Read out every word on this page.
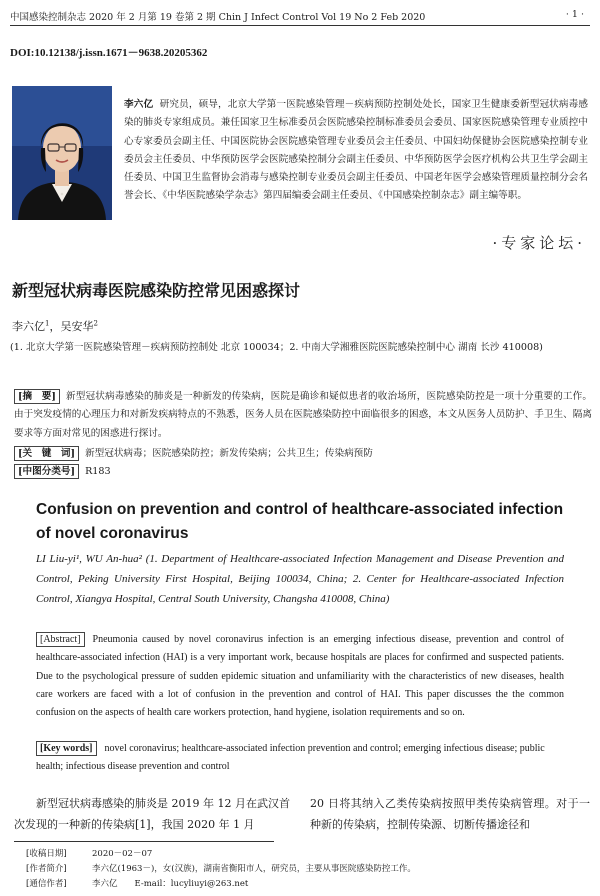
中国感染控制杂志 2020 年 2 月第 19 卷第 2 期 Chin J Infect Control Vol 19 No 2 Feb 2020	· 1 ·
DOI:10.12138/j.issn.1671－9638.20205362
李六亿 研究员，硕导，北京大学第一医院感染管理－疾病预防控制处处长，国家卫生健康委新型冠状病毒感染的肺炎专家组成员。兼任国家卫生标准委员会医院感染控制标准委员会委员、国家医院感染管理专业质控中心专家委员会副主任、中国医院协会医院感染管理专业委员会主任委员、中国妇幼保健协会医院感染控制专业委员会主任委员、中华预防医学会医院感染控制分会副主任委员、中华预防医学会医疗机构公共卫生学会副主任委员、中国卫生监督协会消毒与感染控制专业委员会副主任委员、中国老年医学会感染管理质量控制分会名誉会长、《中华医院感染学杂志》第四届编委会副主任委员、《中国感染控制杂志》副主编等职。
·专家论坛·
新型冠状病毒医院感染防控常见困惑探讨
李六亿$^1$，吴安华$^2$
(1. 北京大学第一医院感染管理－疾病预防控制处 北京 100034；2. 中南大学湘雅医院医院感染控制中心 湖南 长沙 410008)
[摘　要] 新型冠状病毒感染的肺炎是一种新发的传染病，医院是确诊和疑似患者的收治场所，医院感染防控是一项十分重要的工作。由于突发疫情的心理压力和对新发疾病特点的不熟悉，医务人员在医院感染防控中面临很多的困惑，本文从医务人员防护、手卫生、隔离要求等方面对常见的困惑进行探讨。
[关　键　词] 新型冠状病毒；医院感染防控；新发传染病；公共卫生；传染病预防
[中图分类号] R183
Confusion on prevention and control of healthcare-associated infection of novel coronavirus
LI Liu-yi¹, WU An-hua² (1. Department of Healthcare-associated Infection Management and Disease Prevention and Control, Peking University First Hospital, Beijing 100034, China; 2. Center for Healthcare-associated Infection Control, Xiangya Hospital, Central South University, Changsha 410008, China)
[Abstract] Pneumonia caused by novel coronavirus infection is an emerging infectious disease, prevention and control of healthcare-associated infection (HAI) is a very important work, because hospitals are places for confirmed and suspected patients. Due to the psychological pressure of sudden epidemic situation and unfamiliarity with the characteristics of new diseases, health care workers are faced with a lot of confusion in the prevention and control of HAI. This paper discusses the the common confusion on the aspects of health care workers protection, hand hygiene, isolation requirements and so on.
[Key words] novel coronavirus; healthcare-associated infection prevention and control; emerging infectious disease; public health; infectious disease prevention and control
新型冠状病毒感染的肺炎是 2019 年 12 月在武汉首次发现的一种新的传染病[1]，我国 2020 年 1 月
20 日将其纳入乙类传染病按照甲类传染病管理。对于一种新的传染病，控制传染源、切断传播途径和
[收稿日期]	2020－02－07
[作者简介]	李六亿(1963－)，女(汉族)，湖南省衡阳市人，研究员，主要从事医院感染防控工作。
[通信作者]	李六亿　　E-mail：lucyliuyi@263.net
